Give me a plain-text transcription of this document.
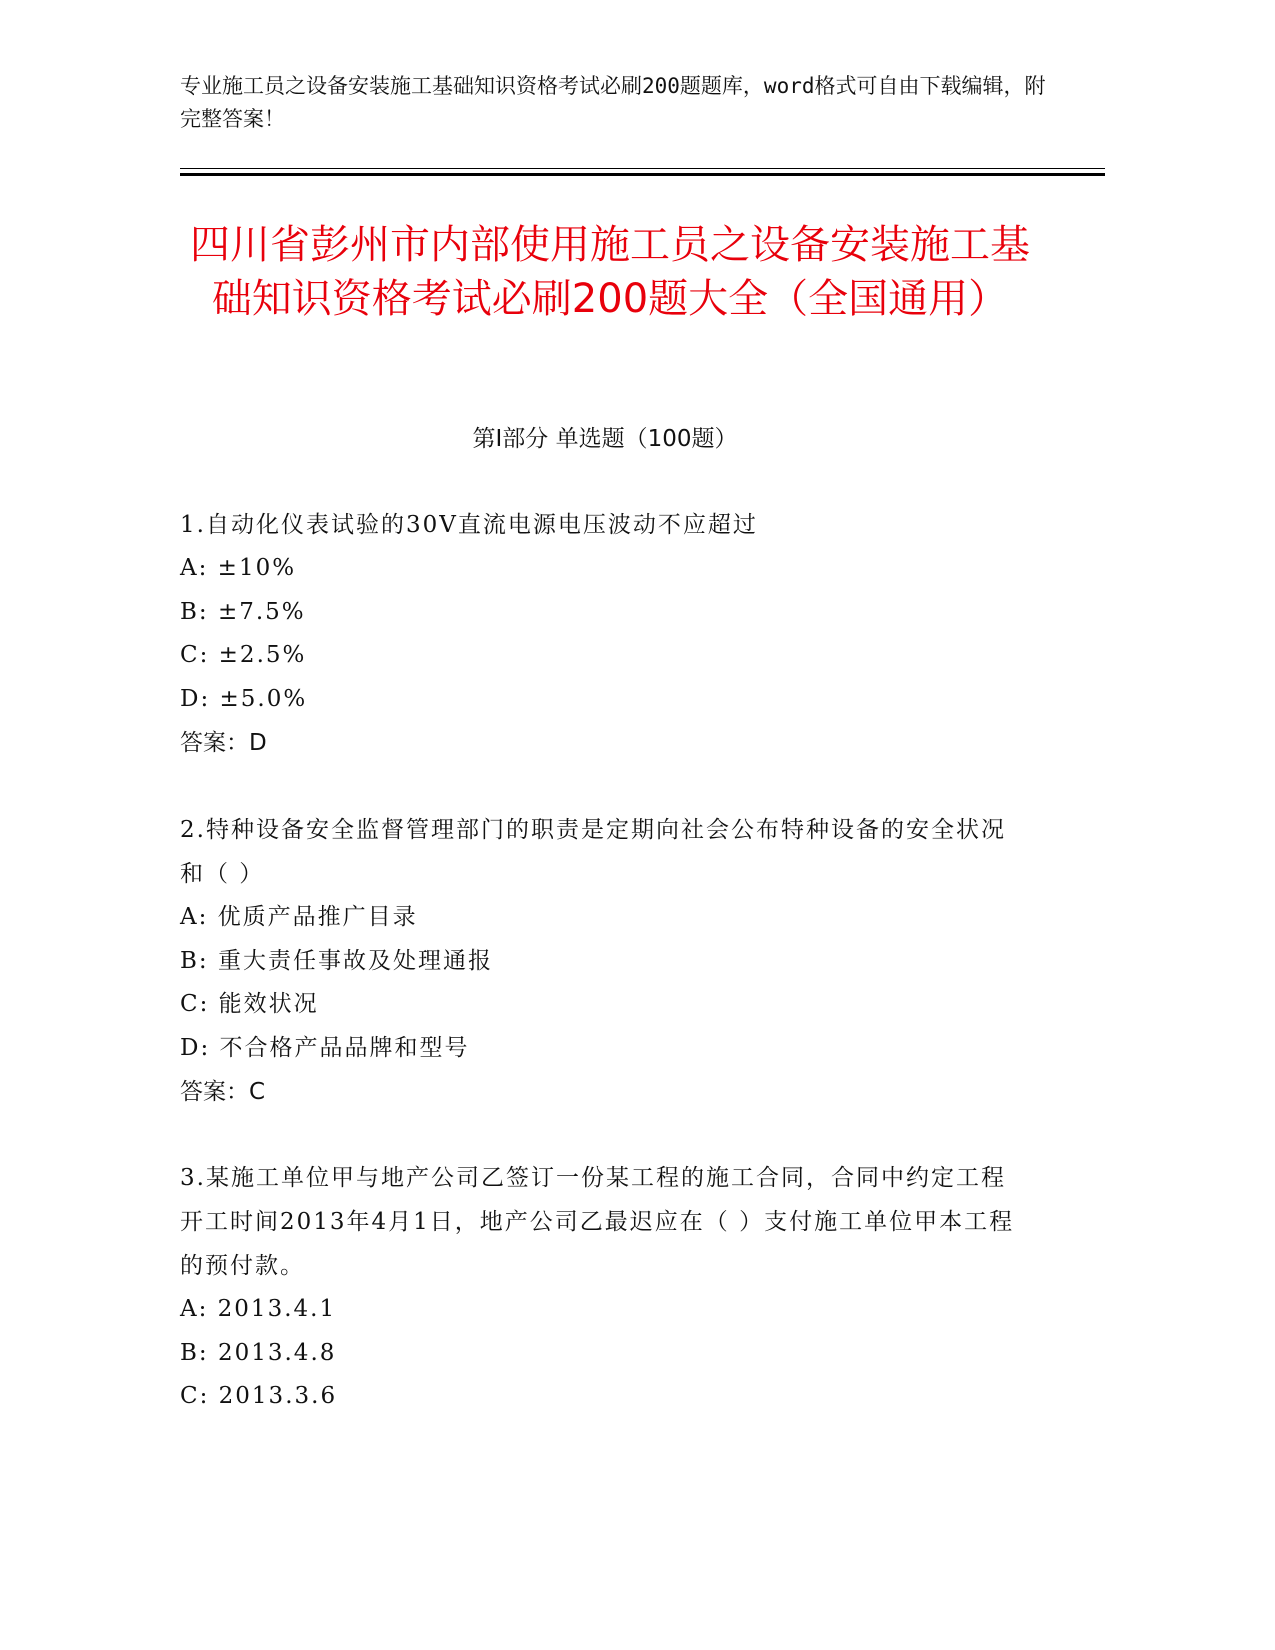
专业施工员之设备安装施工基础知识资格考试必刷200题题库，word格式可自由下载编辑，附完整答案！
四川省彭州市内部使用施工员之设备安装施工基础知识资格考试必刷200题大全（全国通用）
第Ⅰ部分 单选题（100题）

1.自动化仪表试验的30V直流电源电压波动不应超过

A: ±10%

B: ±7.5%

C: ±2.5%

D: ±5.0%

答案：D

2.特种设备安全监督管理部门的职责是定期向社会公布特种设备的安全状况和（ ）

A: 优质产品推广目录

B: 重大责任事故及处理通报

C: 能效状况

D: 不合格产品品牌和型号

答案：C

3.某施工单位甲与地产公司乙签订一份某工程的施工合同，合同中约定工程开工时间2013年4月1日，地产公司乙最迟应在（ ）支付施工单位甲本工程的预付款。

A: 2013.4.1

B: 2013.4.8

C: 2013.3.6
